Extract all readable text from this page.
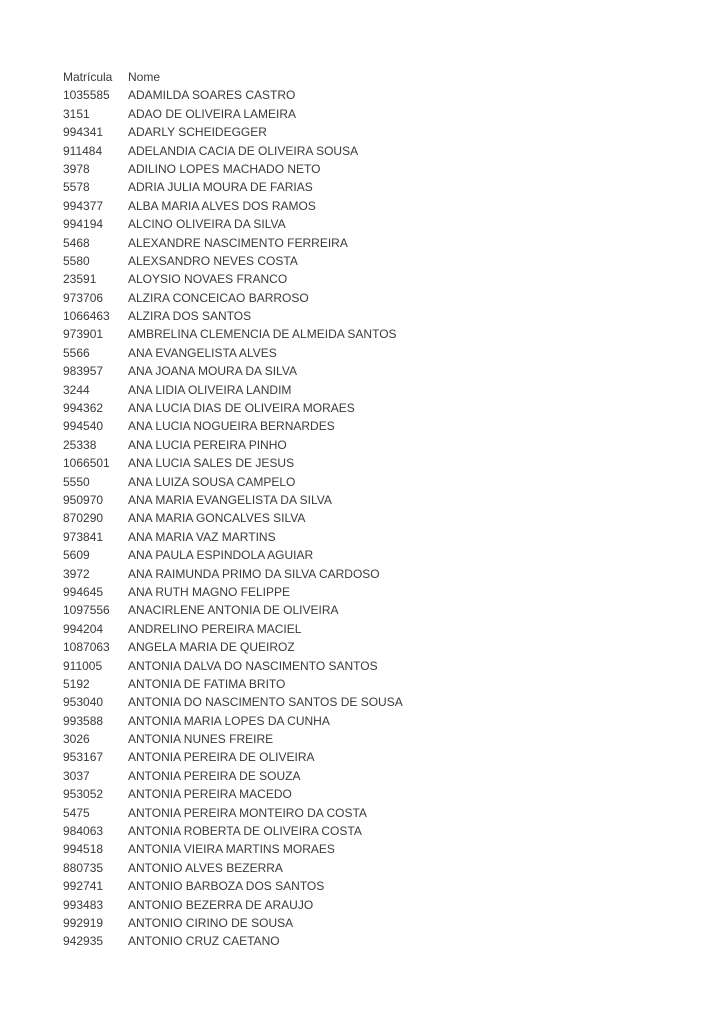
Matrícula	Nome
1035585	ADAMILDA SOARES CASTRO
3151	ADAO DE OLIVEIRA LAMEIRA
994341	ADARLY SCHEIDEGGER
911484	ADELANDIA CACIA DE OLIVEIRA SOUSA
3978	ADILINO LOPES MACHADO NETO
5578	ADRIA JULIA MOURA DE FARIAS
994377	ALBA MARIA ALVES DOS RAMOS
994194	ALCINO OLIVEIRA DA SILVA
5468	ALEXANDRE NASCIMENTO FERREIRA
5580	ALEXSANDRO NEVES COSTA
23591	ALOYSIO NOVAES FRANCO
973706	ALZIRA CONCEICAO BARROSO
1066463	ALZIRA DOS SANTOS
973901	AMBRELINA CLEMENCIA DE ALMEIDA SANTOS
5566	ANA EVANGELISTA ALVES
983957	ANA JOANA MOURA DA SILVA
3244	ANA LIDIA OLIVEIRA LANDIM
994362	ANA LUCIA DIAS DE OLIVEIRA MORAES
994540	ANA LUCIA NOGUEIRA BERNARDES
25338	ANA LUCIA PEREIRA PINHO
1066501	ANA LUCIA SALES DE JESUS
5550	ANA LUIZA SOUSA CAMPELO
950970	ANA MARIA EVANGELISTA DA SILVA
870290	ANA MARIA GONCALVES SILVA
973841	ANA MARIA VAZ MARTINS
5609	ANA PAULA ESPINDOLA AGUIAR
3972	ANA RAIMUNDA PRIMO DA SILVA CARDOSO
994645	ANA RUTH MAGNO FELIPPE
1097556	ANACIRLENE ANTONIA DE OLIVEIRA
994204	ANDRELINO PEREIRA MACIEL
1087063	ANGELA MARIA DE QUEIROZ
911005	ANTONIA DALVA DO NASCIMENTO SANTOS
5192	ANTONIA DE FATIMA BRITO
953040	ANTONIA DO NASCIMENTO SANTOS DE SOUSA
993588	ANTONIA MARIA LOPES DA CUNHA
3026	ANTONIA NUNES FREIRE
953167	ANTONIA PEREIRA DE OLIVEIRA
3037	ANTONIA PEREIRA DE SOUZA
953052	ANTONIA PEREIRA MACEDO
5475	ANTONIA PEREIRA MONTEIRO DA COSTA
984063	ANTONIA ROBERTA DE OLIVEIRA COSTA
994518	ANTONIA VIEIRA MARTINS MORAES
880735	ANTONIO ALVES BEZERRA
992741	ANTONIO BARBOZA DOS SANTOS
993483	ANTONIO BEZERRA DE ARAUJO
992919	ANTONIO CIRINO DE SOUSA
942935	ANTONIO CRUZ CAETANO
